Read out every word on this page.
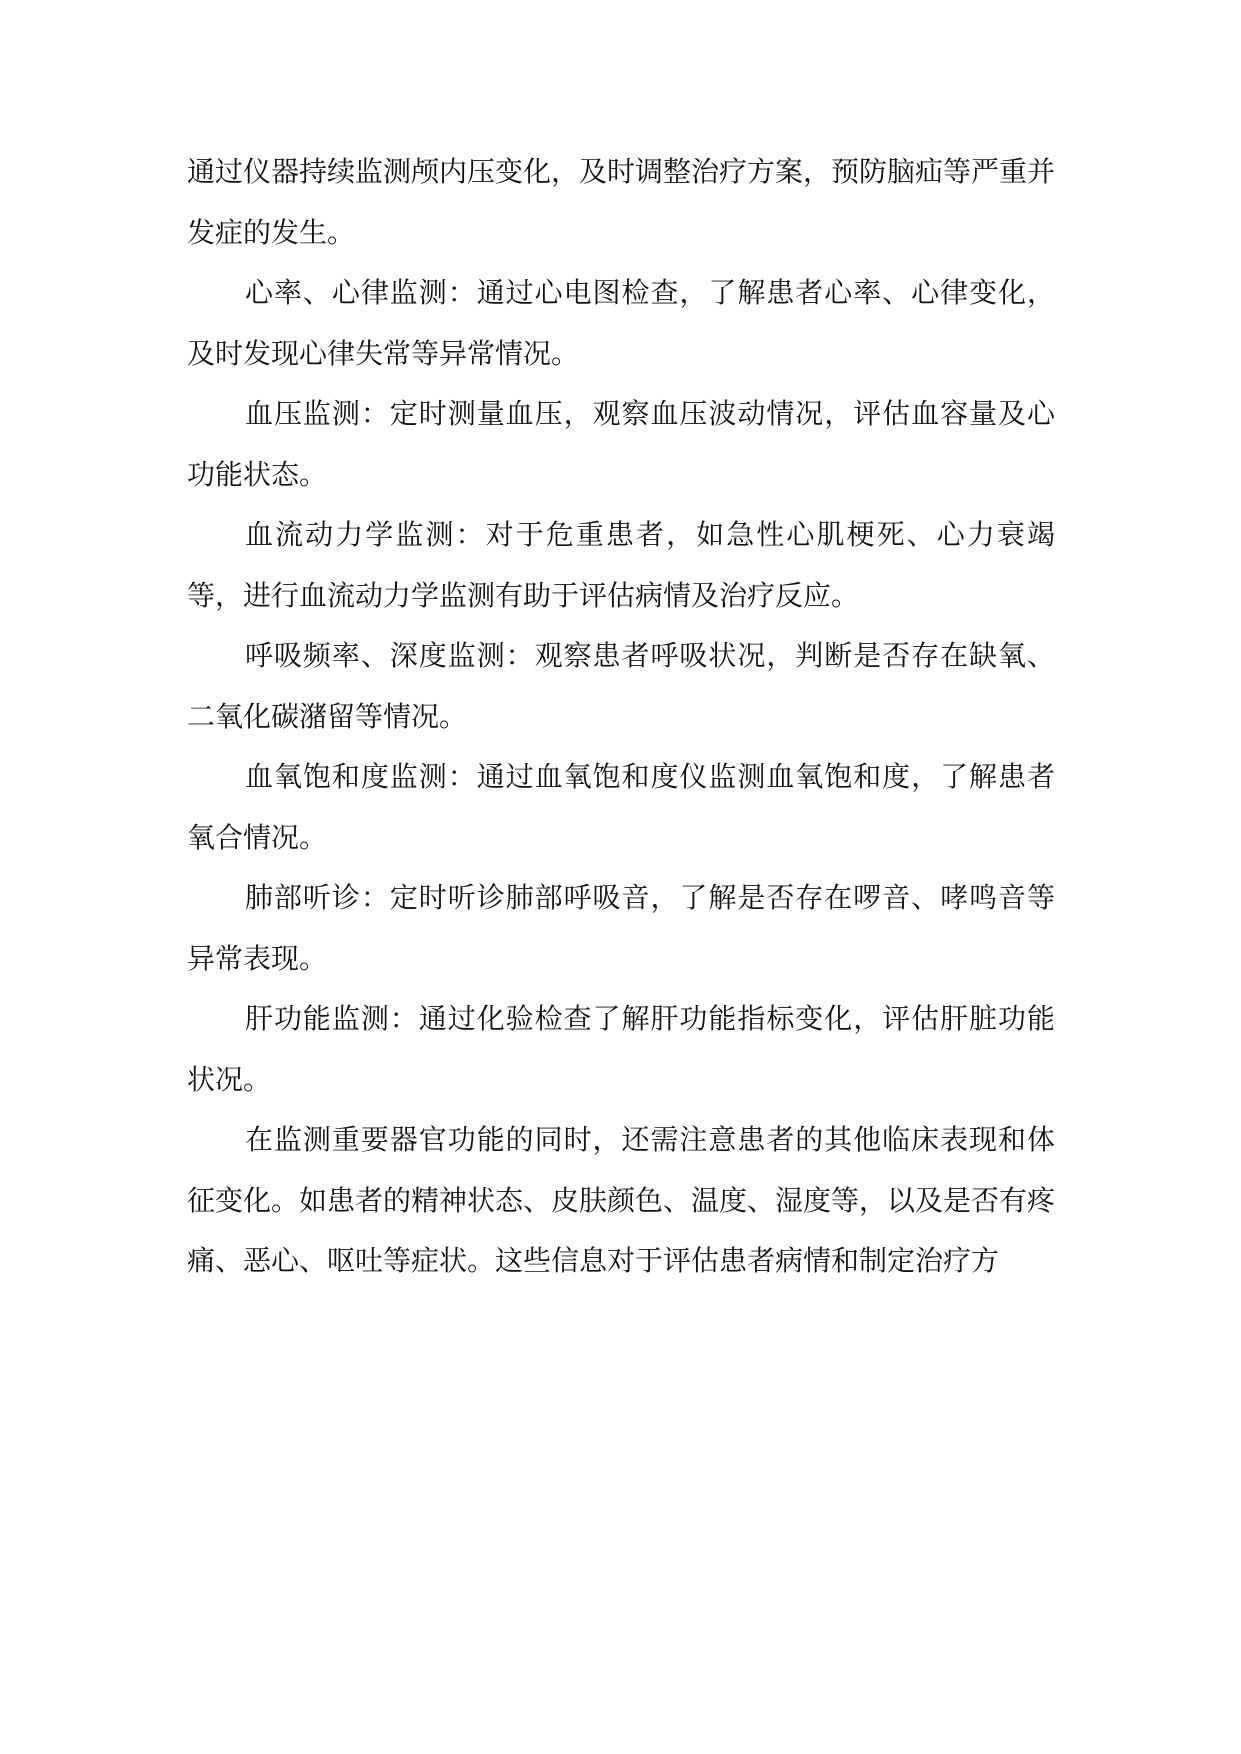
通过仪器持续监测颅内压变化，及时调整治疗方案，预防脑疝等严重并发症的发生。

心率、心律监测：通过心电图检查，了解患者心率、心律变化，及时发现心律失常等异常情况。

血压监测：定时测量血压，观察血压波动情况，评估血容量及心功能状态。

血流动力学监测：对于危重患者，如急性心肌梗死、心力衰竭等，进行血流动力学监测有助于评估病情及治疗反应。

呼吸频率、深度监测：观察患者呼吸状况，判断是否存在缺氧、二氧化碳潴留等情况。

血氧饱和度监测：通过血氧饱和度仪监测血氧饱和度，了解患者氧合情况。

肺部听诊：定时听诊肺部呼吸音，了解是否存在啰音、哮鸣音等异常表现。

肝功能监测：通过化验检查了解肝功能指标变化，评估肝脏功能状况。

在监测重要器官功能的同时，还需注意患者的其他临床表现和体征变化。如患者的精神状态、皮肤颜色、温度、湿度等，以及是否有疼痛、恶心、呕吐等症状。这些信息对于评估患者病情和制定治疗方
